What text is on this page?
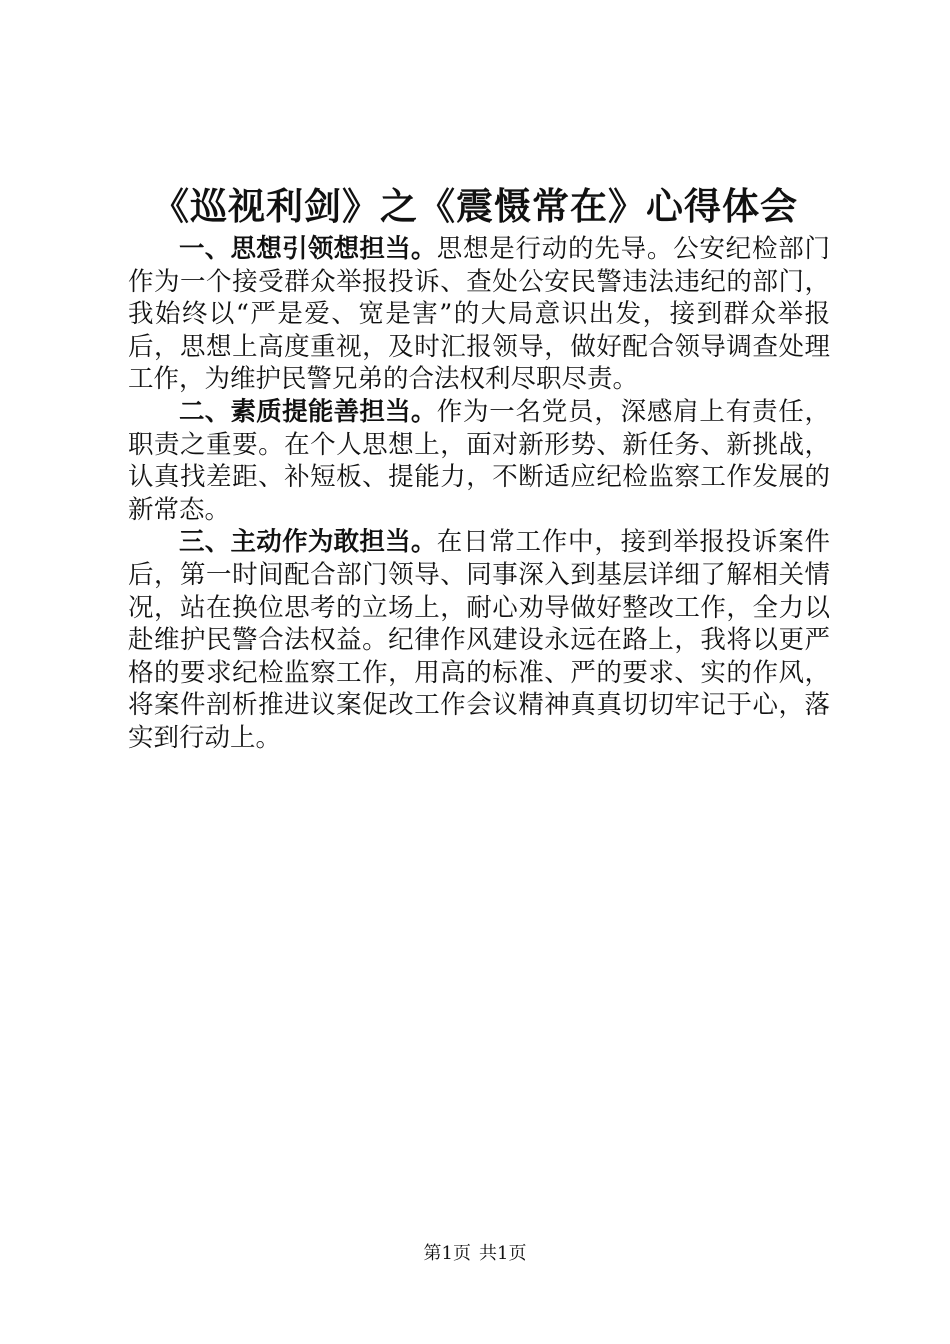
《巡视利剑》之《震慑常在》心得体会

一、思想引领想担当。思想是行动的先导。公安纪检部门作为一个接受群众举报投诉、查处公安民警违法违纪的部门，我始终以“严是爱、宽是害”的大局意识出发，接到群众举报后，思想上高度重视，及时汇报领导，做好配合领导调查处理工作，为维护民警兄弟的合法权利尽职尽责。

二、素质提能善担当。作为一名党员，深感肩上有责任，职责之重要。在个人思想上，面对新形势、新任务、新挑战，认真找差距、补短板、提能力，不断适应纪检监察工作发展的新常态。

三、主动作为敢担当。在日常工作中，接到举报投诉案件后，第一时间配合部门领导、同事深入到基层详细了解相关情况，站在换位思考的立场上，耐心劝导做好整改工作，全力以赴维护民警合法权益。纪律作风建设永远在路上，我将以更严格的要求纪检监察工作，用高的标准、严的要求、实的作风，将案件剖析推进议案促改工作会议精神真真切切牢记于心，落实到行动上。

第1页 共1页
